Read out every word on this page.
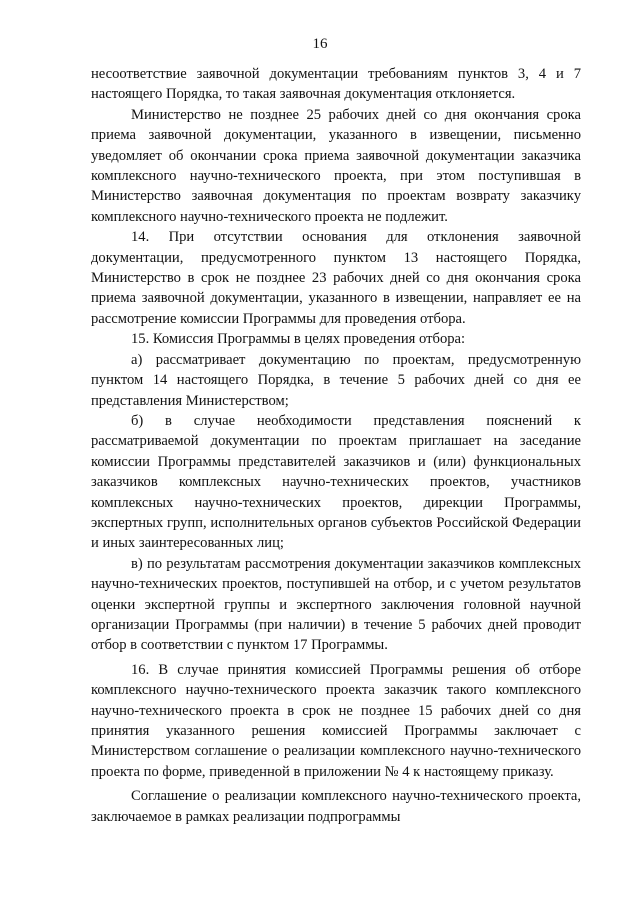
16

несоответствие заявочной документации требованиям пунктов 3, 4 и 7 настоящего Порядка, то такая заявочная документация отклоняется.

Министерство не позднее 25 рабочих дней со дня окончания срока приема заявочной документации, указанного в извещении, письменно уведомляет об окончании срока приема заявочной документации заказчика комплексного научно-технического проекта, при этом поступившая в Министерство заявочная документация по проектам возврату заказчику комплексного научно-технического проекта не подлежит.

14. При отсутствии основания для отклонения заявочной документации, предусмотренного пунктом 13 настоящего Порядка, Министерство в срок не позднее 23 рабочих дней со дня окончания срока приема заявочной документации, указанного в извещении, направляет ее на рассмотрение комиссии Программы для проведения отбора.

15. Комиссия Программы в целях проведения отбора:

а) рассматривает документацию по проектам, предусмотренную пунктом 14 настоящего Порядка, в течение 5 рабочих дней со дня ее представления Министерством;

б) в случае необходимости представления пояснений к рассматриваемой документации по проектам приглашает на заседание комиссии Программы представителей заказчиков и (или) функциональных заказчиков комплексных научно-технических проектов, участников комплексных научно-технических проектов, дирекции Программы, экспертных групп, исполнительных органов субъектов Российской Федерации и иных заинтересованных лиц;

в) по результатам рассмотрения документации заказчиков комплексных научно-технических проектов, поступившей на отбор, и с учетом результатов оценки экспертной группы и экспертного заключения головной научной организации Программы (при наличии) в течение 5 рабочих дней проводит отбор в соответствии с пунктом 17 Программы.

16. В случае принятия комиссией Программы решения об отборе комплексного научно-технического проекта заказчик такого комплексного научно-технического проекта в срок не позднее 15 рабочих дней со дня принятия указанного решения комиссией Программы заключает с Министерством соглашение о реализации комплексного научно-технического проекта по форме, приведенной в приложении № 4 к настоящему приказу.

Соглашение о реализации комплексного научно-технического проекта, заключаемое в рамках реализации подпрограммы
